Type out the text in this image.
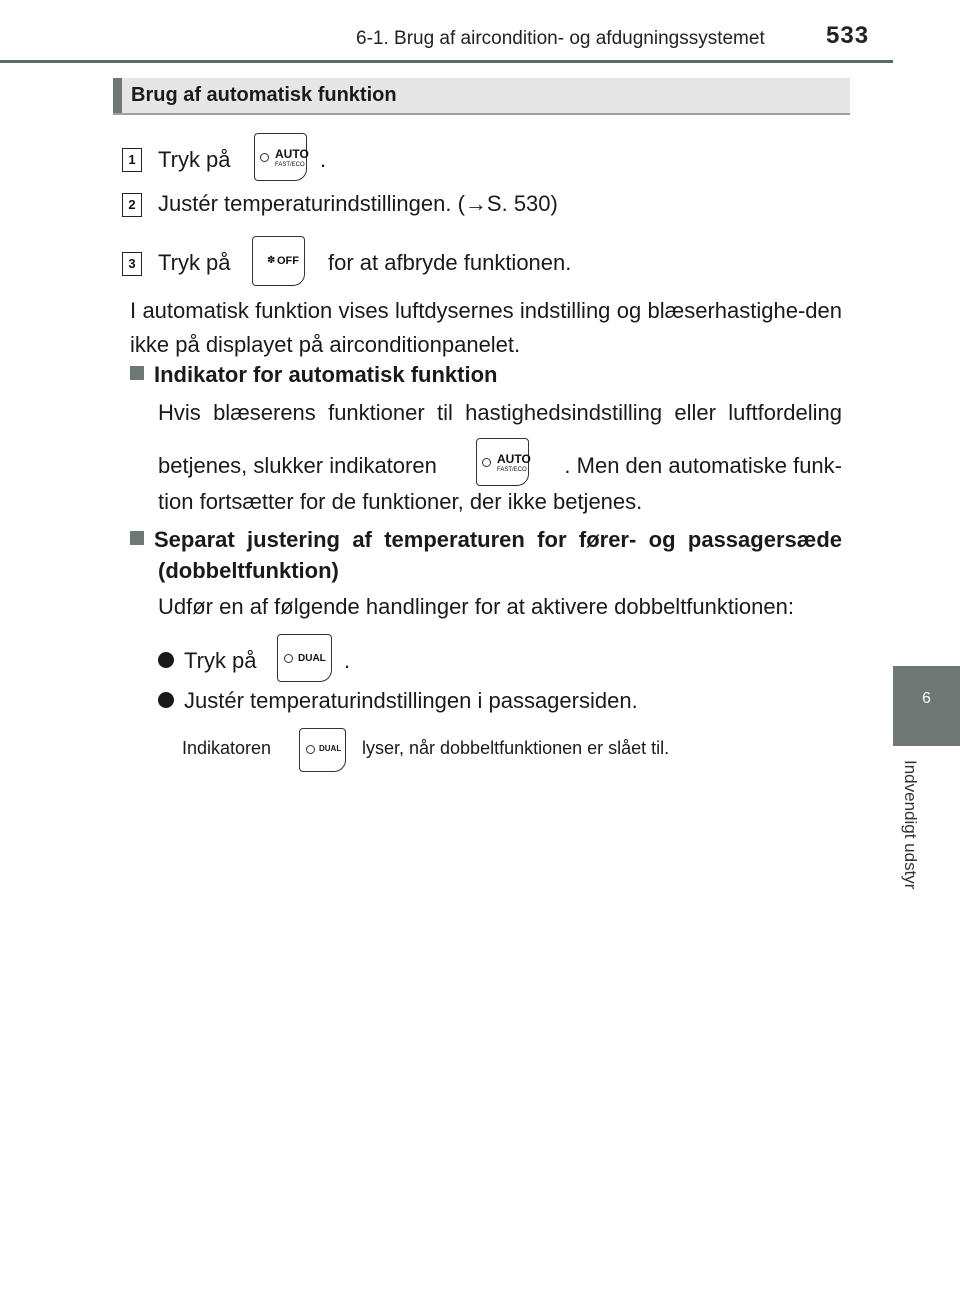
6-1. Brug af aircondition- og afdugningssystemet	533
6
Indvendigt udstyr
Brug af automatisk funktion
1 Tryk på	AUTO
FAST/ECO .
2 Justér temperaturindstillingen. (→S. 530)
3 Tryk på	✽ OFF for at afbryde funktionen.
I automatisk funktion vises luftdysernes indstilling og blæserhastighe-den ikke på displayet på airconditionpanelet.
Indikator for automatisk funktion
Hvis blæserens funktioner til hastighedsindstilling eller luftfordeling
betjenes, slukker indikatoren	AUTO
FAST/ECO	. Men den automatiske funk-
tion fortsætter for de funktioner, der ikke betjenes.
Separat justering af temperaturen for fører- og passagersæde
(dobbeltfunktion)
Udfør en af følgende handlinger for at aktivere dobbeltfunktionen:
Tryk på	DUAL .
Justér temperaturindstillingen i passagersiden.
Indikatoren	DUAL lyser, når dobbeltfunktionen er slået til.
